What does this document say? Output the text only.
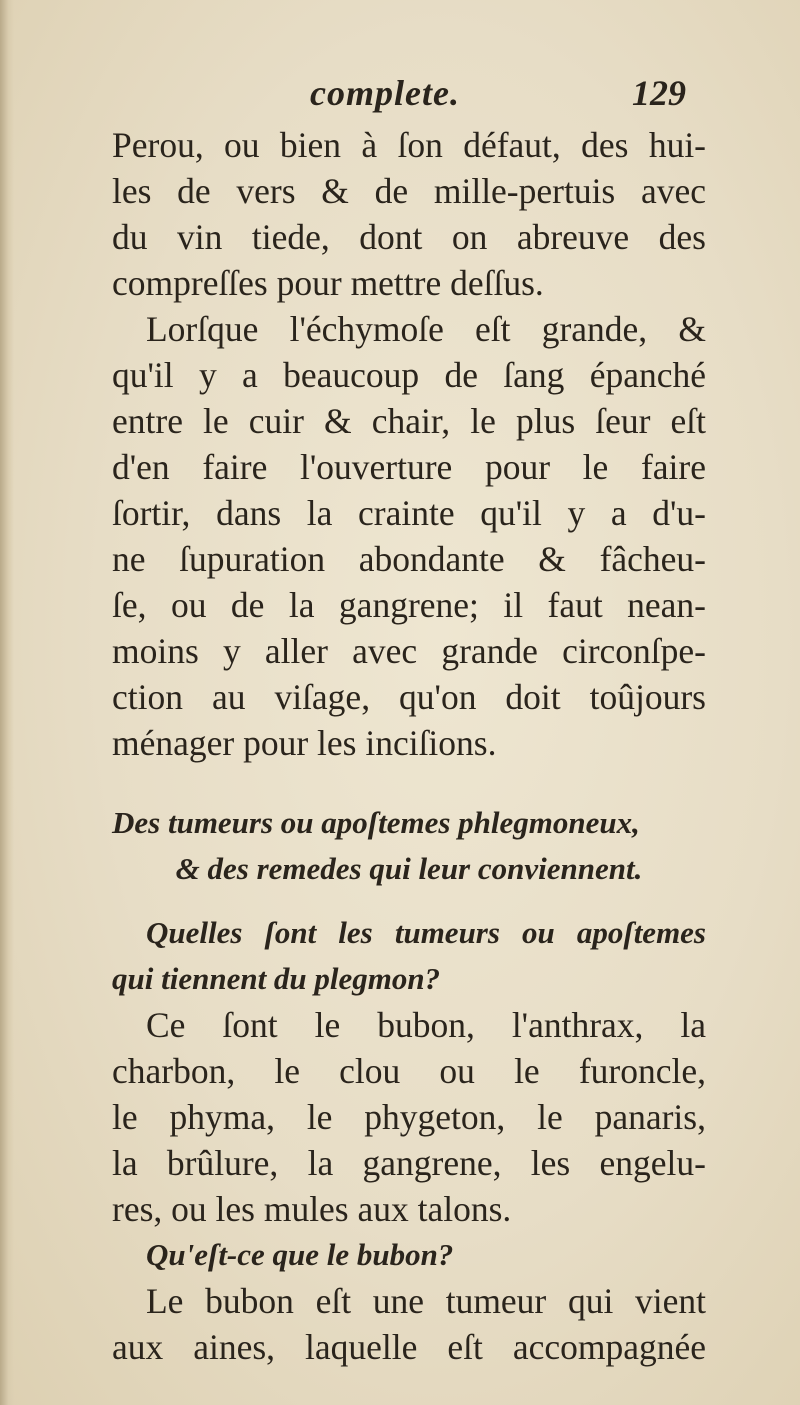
complete.	129
Perou, ou bien à ſon défaut, des hui-
les de vers & de mille-pertuis avec
du vin tiede, dont on abreuve des
compreſſes pour mettre deſſus.
Lorſque l'échymoſe eſt grande, &
qu'il y a beaucoup de ſang épanché
entre le cuir & chair, le plus ſeur eſt
d'en faire l'ouverture pour le faire
ſortir, dans la crainte qu'il y a d'u-
ne ſupuration abondante & fâcheu-
ſe, ou de la gangrene; il faut nean-
moins y aller avec grande circonſpe-
ction au viſage, qu'on doit toûjours
ménager pour les inciſions.
Des tumeurs ou apoſtemes phlegmoneux,
& des remedes qui leur conviennent.
Quelles ſont les tumeurs ou apoſtemes
qui tiennent du plegmon?
Ce ſont le bubon, l'anthrax, la
charbon, le clou ou le furoncle,
le phyma, le phygeton, le panaris,
la brûlure, la gangrene, les engelu-
res, ou les mules aux talons.
Qu'eſt-ce que le bubon?
Le bubon eſt une tumeur qui vient
aux aines, laquelle eſt accompagnée
